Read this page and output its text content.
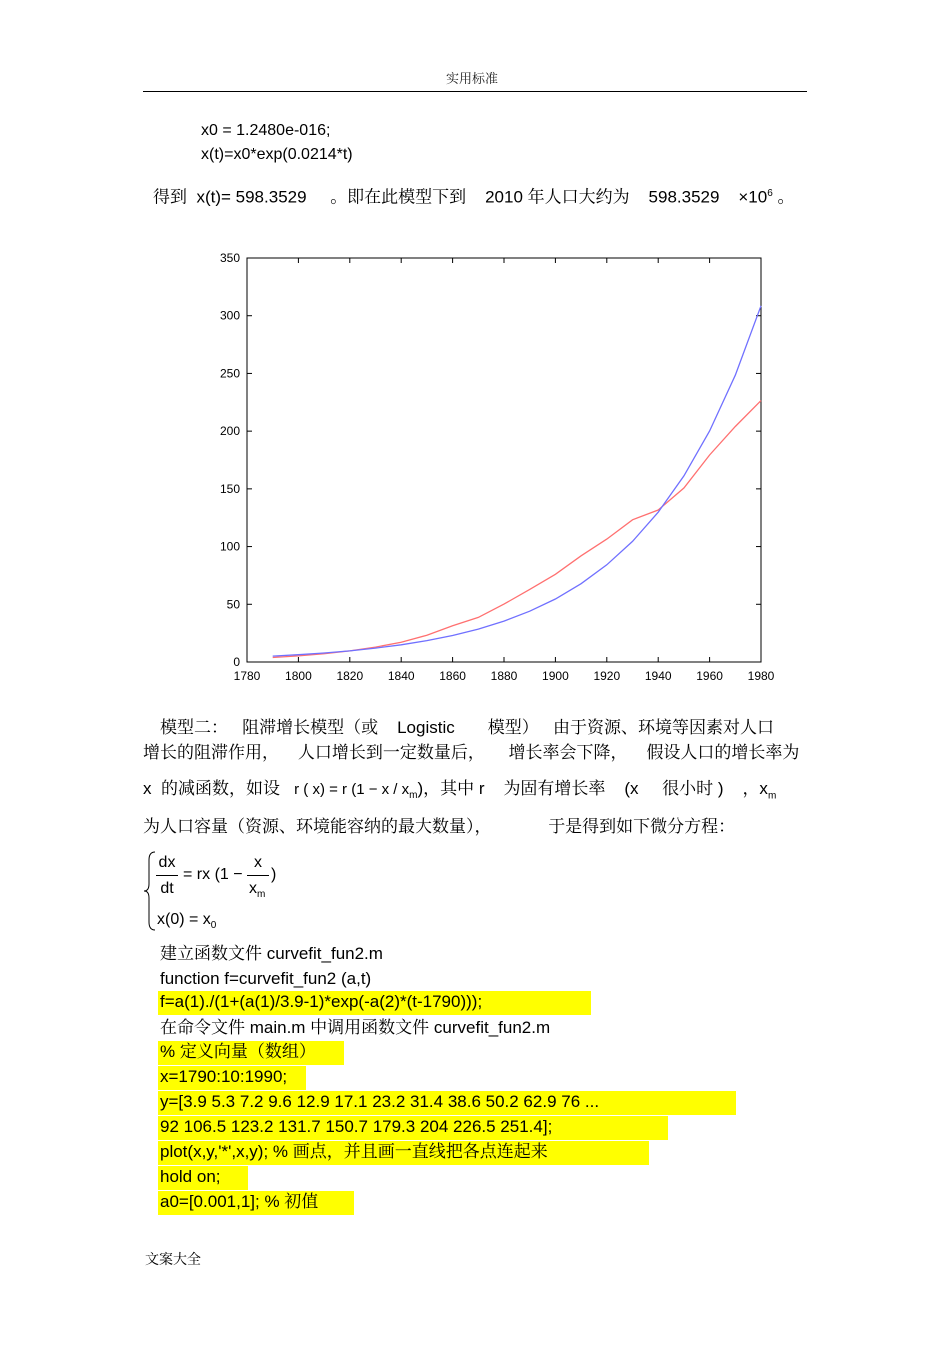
实用标准
x0 = 1.2480e-016;
x(t)=x0*exp(0.0214*t)
得到 x(t)= 598.3529 。即在此模型下到 2010 年人口大约为 $598.3529 \times 10^6$ 。
1780 1800 1820 1840 1860 1880 1900 1920 1940 1960 1980
0
50
100
150
200
250
300
350
模型二： 阻滞增长模型（或 Logistic 模型） 由于资源、环境等因素对人口
增长的阻滞作用， 人口增长到一定数量后， 增长率会下降， 假设人口的增长率为
x 的减函数，如设 r ( x) = r $(1 - x / x_m)$，其中 r 为固有增长率 (x 很小时 ) ，$x_m$
为人口容量（资源、环境能容纳的最大数量），	于是得到如下微分方程：
dx
dt
= rx (1 −
x
$x_m$
)
$x(0) = x_0$
建立函数文件 curvefit_fun2.m
function f=curvefit_fun2 (a,t)
f=a(1)./(1+(a(1)/3.9-1)*exp(-a(2)*(t-1790)));
在命令文件 main.m 中调用函数文件 curvefit_fun2.m
% 定义向量（数组）
x=1790:10:1990;
y=[3.9 5.3 7.2 9.6 12.9 17.1 23.2 31.4 38.6 50.2 62.9 76 ...
92 106.5 123.2 131.7 150.7 179.3 204 226.5 251.4];
plot(x,y,'*',x,y); % 画点，并且画一直线把各点连起来
hold on;
a0=[0.001,1]; % 初值
文案大全
